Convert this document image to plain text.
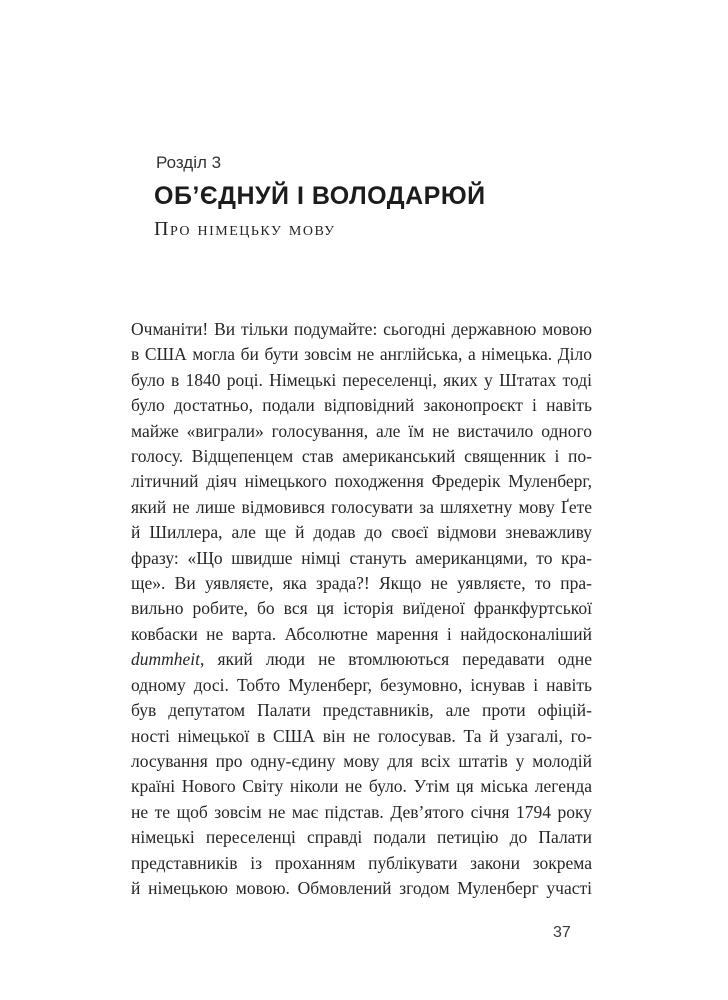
Розділ 3
ОБ’ЄДНУЙ І ВОЛОДАРЮЙ
Про німецьку мову
Очманіти! Ви тільки подумайте: сьогодні державною мовою
в США могла би бути зовсім не англійська, а німецька. Діло
було в 1840 році. Німецькі переселенці, яких у Штатах тоді
було достатньо, подали відповідний законопроєкт і навіть
майже «виграли» голосування, але їм не вистачило одного
голосу. Відщепенцем став американський священник і по-
літичний діяч німецького походження Фредерік Муленберг,
який не лише відмовився голосувати за шляхетну мову Ґете
й Шиллера, але ще й додав до своєї відмови зневажливу
фразу: «Що швидше німці стануть американцями, то кра-
ще». Ви уявляєте, яка зрада?! Якщо не уявляєте, то пра-
вильно робите, бо вся ця історія виїденої франкфуртської
ковбаски не варта. Абсолютне марення і найдосконаліший
dummheit, який люди не втомлюються передавати одне
одному досі. Тобто Муленберг, безумовно, існував і навіть
був депутатом Палати представників, але проти офіцій-
ності німецької в США він не голосував. Та й узагалі, го-
лосування про одну-єдину мову для всіх штатів у молодій
країні Нового Світу ніколи не було. Утім ця міська легенда
не те щоб зовсім не має підстав. Дев’ятого січня 1794 року
німецькі переселенці справді подали петицію до Палати
представників із проханням публікувати закони зокрема
й німецькою мовою. Обмовлений згодом Муленберг участі
37
